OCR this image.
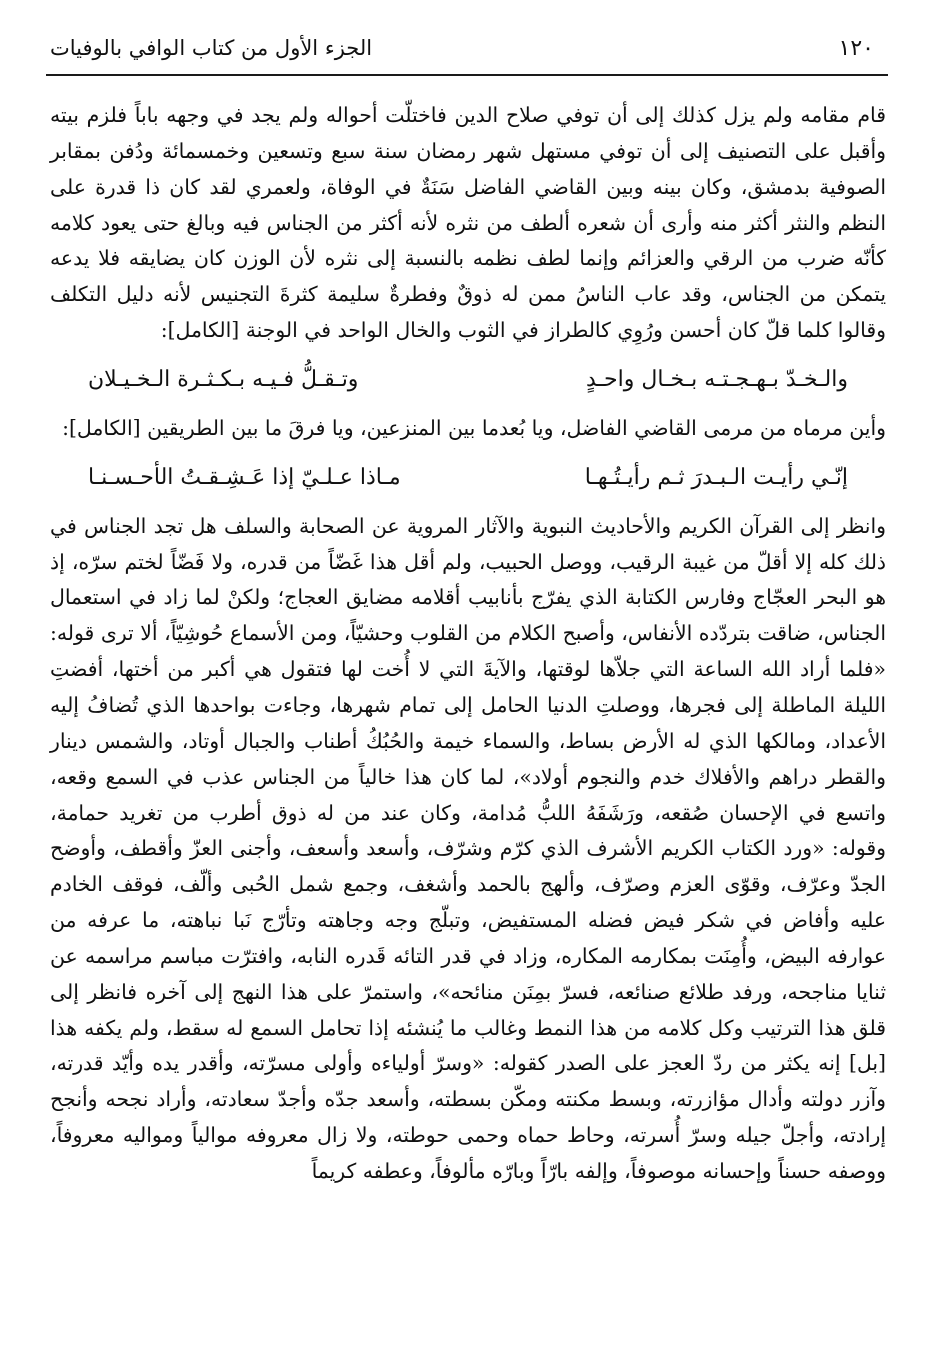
١٢٠
الجزء الأول من كتاب الوافي بالوفيات

قام مقامه ولم يزل كذلك إلى أن توفي صلاح الدين فاختلّت أحواله ولم يجد في وجهه باباً فلزم بيته وأقبل على التصنيف إلى أن توفي مستهل شهر رمضان سنة سبع وتسعين وخمسمائة ودُفن بمقابر الصوفية بدمشق، وكان بينه وبين القاضي الفاضل سَنَةٌ في الوفاة، ولعمري لقد كان ذا قدرة على النظم والنثر أكثر منه وأرى أن شعره ألطف من نثره لأنه أكثر من الجناس فيه وبالغ حتى يعود كلامه كأنّه ضرب من الرقي والعزائم وإنما لطف نظمه بالنسبة إلى نثره لأن الوزن كان يضايقه فلا يدعه يتمكن من الجناس، وقد عاب الناسُ ممن له ذوقٌ وفطرةٌ سليمة كثرةَ التجنيس لأنه دليل التكلف وقالوا كلما قلّ كان أحسن ورُوِي كالطراز في الثوب والخال الواحد في الوجنة [الكامل]:

والـخـدّ بـهـجـتـه بـخـال واحـدٍ
وتـقـلُّ فـيـه بـكـثـرة الـخـيـلان

وأين مرماه من مرمى القاضي الفاضل، ويا بُعدما بين المنزعين، ويا فرقَ ما بين الطريقين [الكامل]:

إنّـي رأيـت الـبـدرَ ثـم رأيـتُـهـا
مـاذا عـلـيّ إذا عَـشِـقـتُ الأحـسـنـا

وانظر إلى القرآن الكريم والأحاديث النبوية والآثار المروية عن الصحابة والسلف هل تجد الجناس في ذلك كله إلا أقلّ من غيبة الرقيب، ووصل الحبيب، ولم أقل هذا غَضّاً من قدره، ولا فَضّاً لختم سرّه، إذ هو البحر العجّاج وفارس الكتابة الذي يفرّج بأنابيب أقلامه مضايق العجاج؛ ولكنْ لما زاد في استعمال الجناس، ضاقت بتردّده الأنفاس، وأصبح الكلام من القلوب وحشيّاً، ومن الأسماع حُوشِيّاً، ألا ترى قوله: «فلما أراد الله الساعة التي جلاّها لوقتها، والآيةَ التي لا أُخت لها فتقول هي أكبر من أختها، أفضتِ الليلة الماطلة إلى فجرها، ووصلتِ الدنيا الحامل إلى تمام شهرها، وجاءت بواحدها الذي تُضافُ إليه الأعداد، ومالكها الذي له الأرض بساط، والسماء خيمة والحُبُكُ أطناب والجبال أوتاد، والشمس دينار والقطر دراهم والأفلاك خدم والنجوم أولاد»، لما كان هذا خالياً من الجناس عذب في السمع وقعه، واتسع في الإحسان صُقعه، ورَشَفَهُ اللبُّ مُدامة، وكان عند من له ذوق أطرب من تغريد حمامة، وقوله: «ورد الكتاب الكريم الأشرف الذي كرّم وشرّف، وأسعد وأسعف، وأجنى العزّ وأقطف، وأوضح الجدّ وعرّف، وقوّى العزم وصرّف، وألهج بالحمد وأشغف، وجمع شمل الحُبى وألّف، فوقف الخادم عليه وأفاض في شكر فيض فضله المستفيض، وتبلّج وجه وجاهته وتأرّج نَبا نباهته، ما عرفه من عوارفه البيض، وأُمِنَت بمكارمه المكاره، وزاد في قدر التائه قَدره النابه، وافترّت مباسم مراسمه عن ثنايا مناجحه، ورفد طلائع صنائعه، فسرّ بمِنَن منائحه»، واستمرّ على هذا النهج إلى آخره فانظر إلى قلق هذا الترتيب وكل كلامه من هذا النمط وغالب ما يُنشئه إذا تحامل السمع له سقط، ولم يكفه هذا [بل] إنه يكثر من ردّ العجز على الصدر كقوله: «وسرّ أولياءه وأولى مسرّته، وأقدر يده وأيّد قدرته، وآزر دولته وأدال مؤازرته، وبسط مكنته ومكّن بسطته، وأسعد جدّه وأجدّ سعادته، وأراد نجحه وأنجح إرادته، وأجلّ جيله وسرّ أُسرته، وحاط حماه وحمى حوطته، ولا زال معروفه موالياً ومواليه معروفاً، ووصفه حسناً وإحسانه موصوفاً، وإلفه بارّاً وبارّه مألوفاً، وعطفه كريماً
